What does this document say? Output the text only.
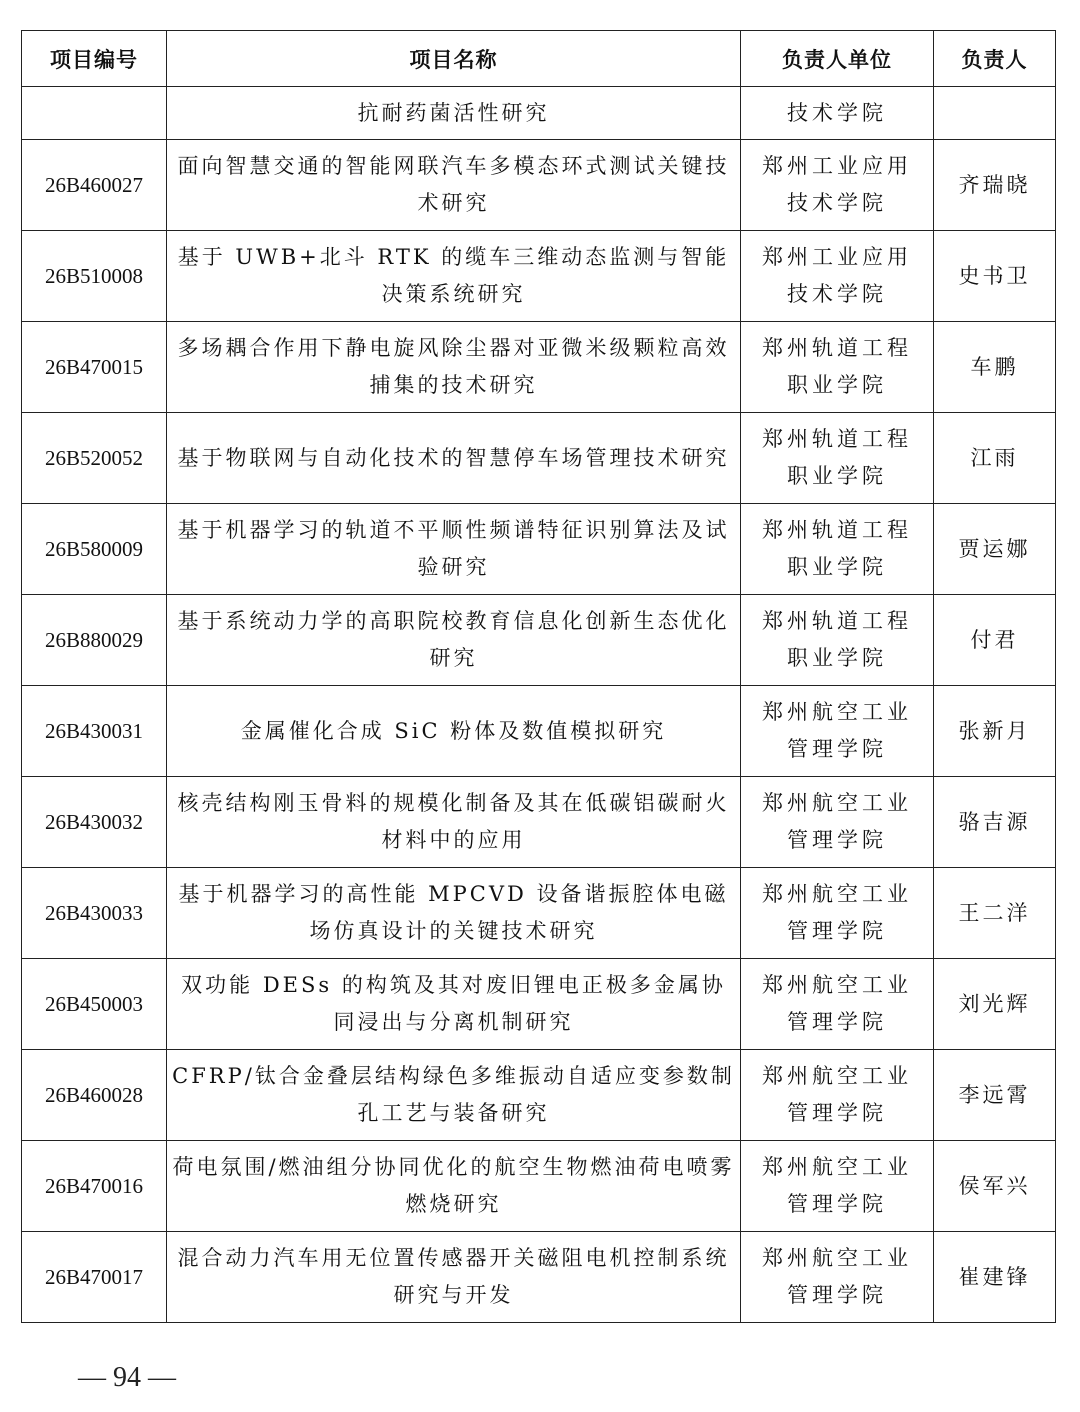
项目编号	项目名称	负责人单位	负责人
	抗耐药菌活性研究	技术学院	
26B460027	面向智慧交通的智能网联汽车多模态环式测试关键技术研究	郑州工业应用技术学院	齐瑞晓
26B510008	基于 UWB+北斗 RTK 的缆车三维动态监测与智能决策系统研究	郑州工业应用技术学院	史书卫
26B470015	多场耦合作用下静电旋风除尘器对亚微米级颗粒高效捕集的技术研究	郑州轨道工程职业学院	车鹏
26B520052	基于物联网与自动化技术的智慧停车场管理技术研究	郑州轨道工程职业学院	江雨
26B580009	基于机器学习的轨道不平顺性频谱特征识别算法及试验研究	郑州轨道工程职业学院	贾运娜
26B880029	基于系统动力学的高职院校教育信息化创新生态优化研究	郑州轨道工程职业学院	付君
26B430031	金属催化合成 SiC 粉体及数值模拟研究	郑州航空工业管理学院	张新月
26B430032	核壳结构刚玉骨料的规模化制备及其在低碳铝碳耐火材料中的应用	郑州航空工业管理学院	骆吉源
26B430033	基于机器学习的高性能 MPCVD 设备谐振腔体电磁场仿真设计的关键技术研究	郑州航空工业管理学院	王二洋
26B450003	双功能 DESs 的构筑及其对废旧锂电正极多金属协同浸出与分离机制研究	郑州航空工业管理学院	刘光辉
26B460028	CFRP/钛合金叠层结构绿色多维振动自适应变参数制孔工艺与装备研究	郑州航空工业管理学院	李远霄
26B470016	荷电氛围/燃油组分协同优化的航空生物燃油荷电喷雾燃烧研究	郑州航空工业管理学院	侯军兴
26B470017	混合动力汽车用无位置传感器开关磁阻电机控制系统研究与开发	郑州航空工业管理学院	崔建锋
— 94 —
